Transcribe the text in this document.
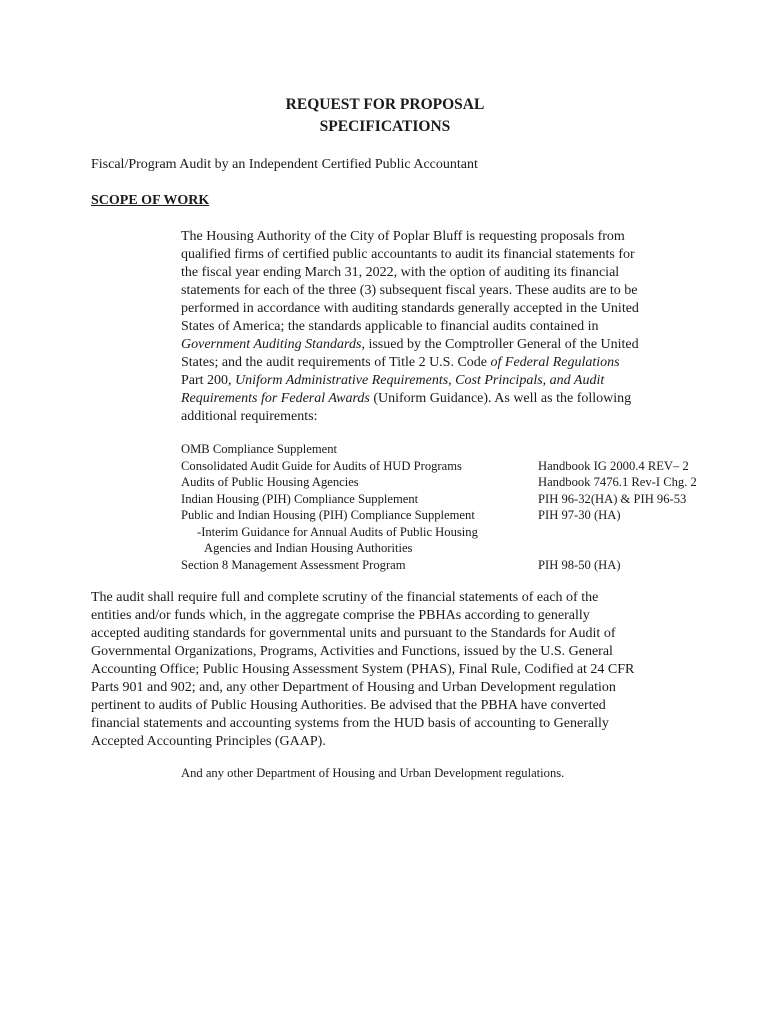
REQUEST FOR PROPOSAL
SPECIFICATIONS
Fiscal/Program Audit by an Independent Certified Public Accountant
SCOPE OF WORK
The Housing Authority of the City of Poplar Bluff is requesting proposals from
qualified firms of certified public accountants to audit its financial statements for
the fiscal year ending March 31, 2022, with the option of auditing its financial
statements for each of the three (3) subsequent fiscal years. These audits are to be
performed in accordance with auditing standards generally accepted in the United
States of America; the standards applicable to financial audits contained in
Government Auditing Standards, issued by the Comptroller General of the United
States; and the audit requirements of Title 2 U.S. Code of Federal Regulations
Part 200, Uniform Administrative Requirements, Cost Principals, and Audit
Requirements for Federal Awards (Uniform Guidance). As well as the following
additional requirements:
OMB Compliance Supplement	
Consolidated Audit Guide for Audits of HUD Programs	Handbook IG 2000.4 REV– 2
Audits of Public Housing Agencies	Handbook 7476.1 Rev-I Chg. 2
Indian Housing (PIH) Compliance Supplement	PIH 96-32(HA) & PIH 96-53
Public and Indian Housing (PIH) Compliance Supplement	PIH 97-30 (HA)
-Interim Guidance for Annual Audits of Public Housing	
Agencies and Indian Housing Authorities	
Section 8 Management Assessment Program	PIH 98-50 (HA)
The audit shall require full and complete scrutiny of the financial statements of each of the
entities and/or funds which, in the aggregate comprise the PBHAs according to generally
accepted auditing standards for governmental units and pursuant to the Standards for Audit of
Governmental Organizations, Programs, Activities and Functions, issued by the U.S. General
Accounting Office; Public Housing Assessment System (PHAS), Final Rule, Codified at 24 CFR
Parts 901 and 902; and, any other Department of Housing and Urban Development regulation
pertinent to audits of Public Housing Authorities. Be advised that the PBHA have converted
financial statements and accounting systems from the HUD basis of accounting to Generally
Accepted Accounting Principles (GAAP).
And any other Department of Housing and Urban Development regulations.
